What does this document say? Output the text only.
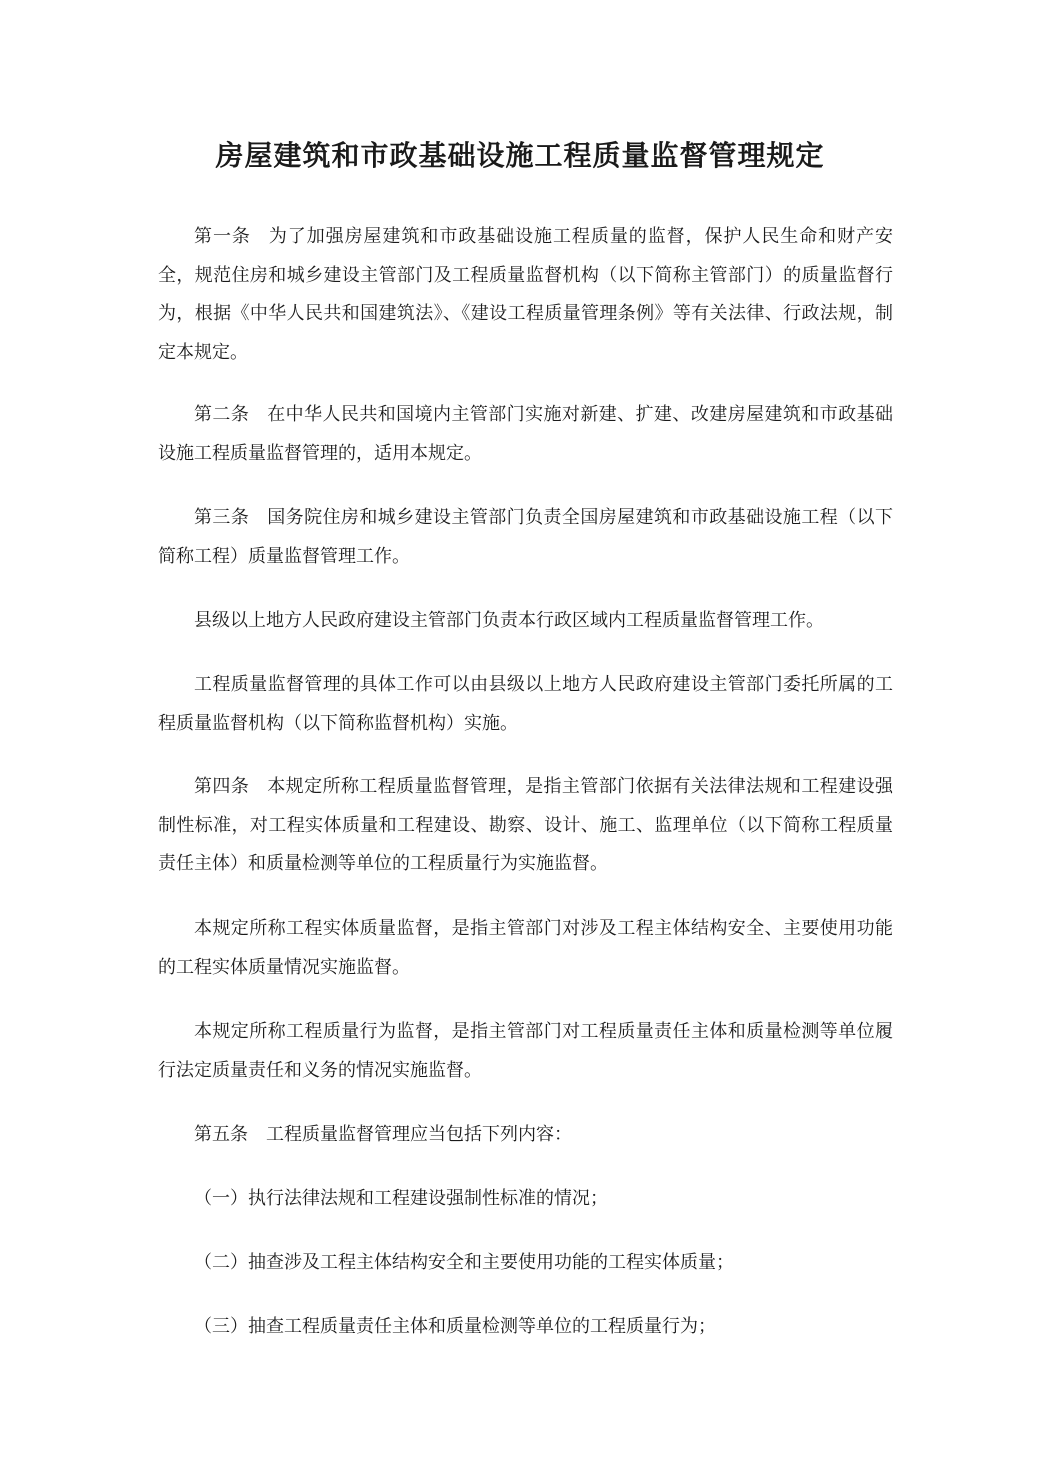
房屋建筑和市政基础设施工程质量监督管理规定

第一条 为了加强房屋建筑和市政基础设施工程质量的监督，保护人民生命和财产安全，规范住房和城乡建设主管部门及工程质量监督机构（以下简称主管部门）的质量监督行为，根据《中华人民共和国建筑法》、《建设工程质量管理条例》等有关法律、行政法规，制定本规定。

第二条 在中华人民共和国境内主管部门实施对新建、扩建、改建房屋建筑和市政基础设施工程质量监督管理的，适用本规定。

第三条 国务院住房和城乡建设主管部门负责全国房屋建筑和市政基础设施工程（以下简称工程）质量监督管理工作。

县级以上地方人民政府建设主管部门负责本行政区域内工程质量监督管理工作。

工程质量监督管理的具体工作可以由县级以上地方人民政府建设主管部门委托所属的工程质量监督机构（以下简称监督机构）实施。

第四条 本规定所称工程质量监督管理，是指主管部门依据有关法律法规和工程建设强制性标准，对工程实体质量和工程建设、勘察、设计、施工、监理单位（以下简称工程质量责任主体）和质量检测等单位的工程质量行为实施监督。

本规定所称工程实体质量监督，是指主管部门对涉及工程主体结构安全、主要使用功能的工程实体质量情况实施监督。

本规定所称工程质量行为监督，是指主管部门对工程质量责任主体和质量检测等单位履行法定质量责任和义务的情况实施监督。

第五条 工程质量监督管理应当包括下列内容：

（一）执行法律法规和工程建设强制性标准的情况；

（二）抽查涉及工程主体结构安全和主要使用功能的工程实体质量；

（三）抽查工程质量责任主体和质量检测等单位的工程质量行为；
